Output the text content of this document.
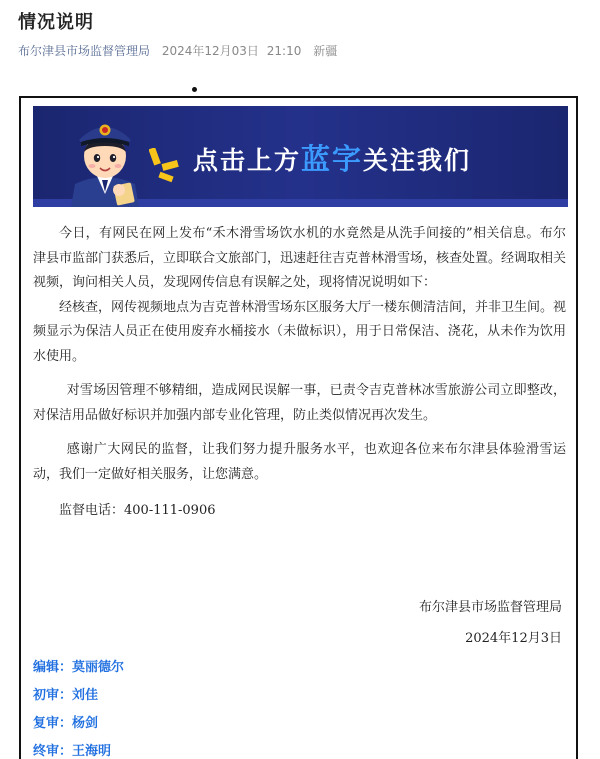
情况说明
布尔津县市场监督管理局 2024年12月03日 21:10 新疆
点击上方蓝字关注我们

今日，有网民在网上发布“禾木滑雪场饮水机的水竟然是从洗手间接的”相关信息。布尔津县市监部门获悉后，立即联合文旅部门，迅速赶往吉克普林滑雪场，核查处置。经调取相关视频，询问相关人员，发现网传信息有误解之处，现将情况说明如下：

经核查，网传视频地点为吉克普林滑雪场东区服务大厅一楼东侧清洁间，并非卫生间。视频显示为保洁人员正在使用废弃水桶接水（未做标识），用于日常保洁、浇花，从未作为饮用水使用。

对雪场因管理不够精细，造成网民误解一事，已责令吉克普林冰雪旅游公司立即整改，对保洁用品做好标识并加强内部专业化管理，防止类似情况再次发生。

感谢广大网民的监督，让我们努力提升服务水平，也欢迎各位来布尔津县体验滑雪运动，我们一定做好相关服务，让您满意。

监督电话：400-111-0906

布尔津县市场监督管理局
2024年12月3日
编辑：莫丽德尔
初审：刘佳
复审：杨剑
终审：王海明
